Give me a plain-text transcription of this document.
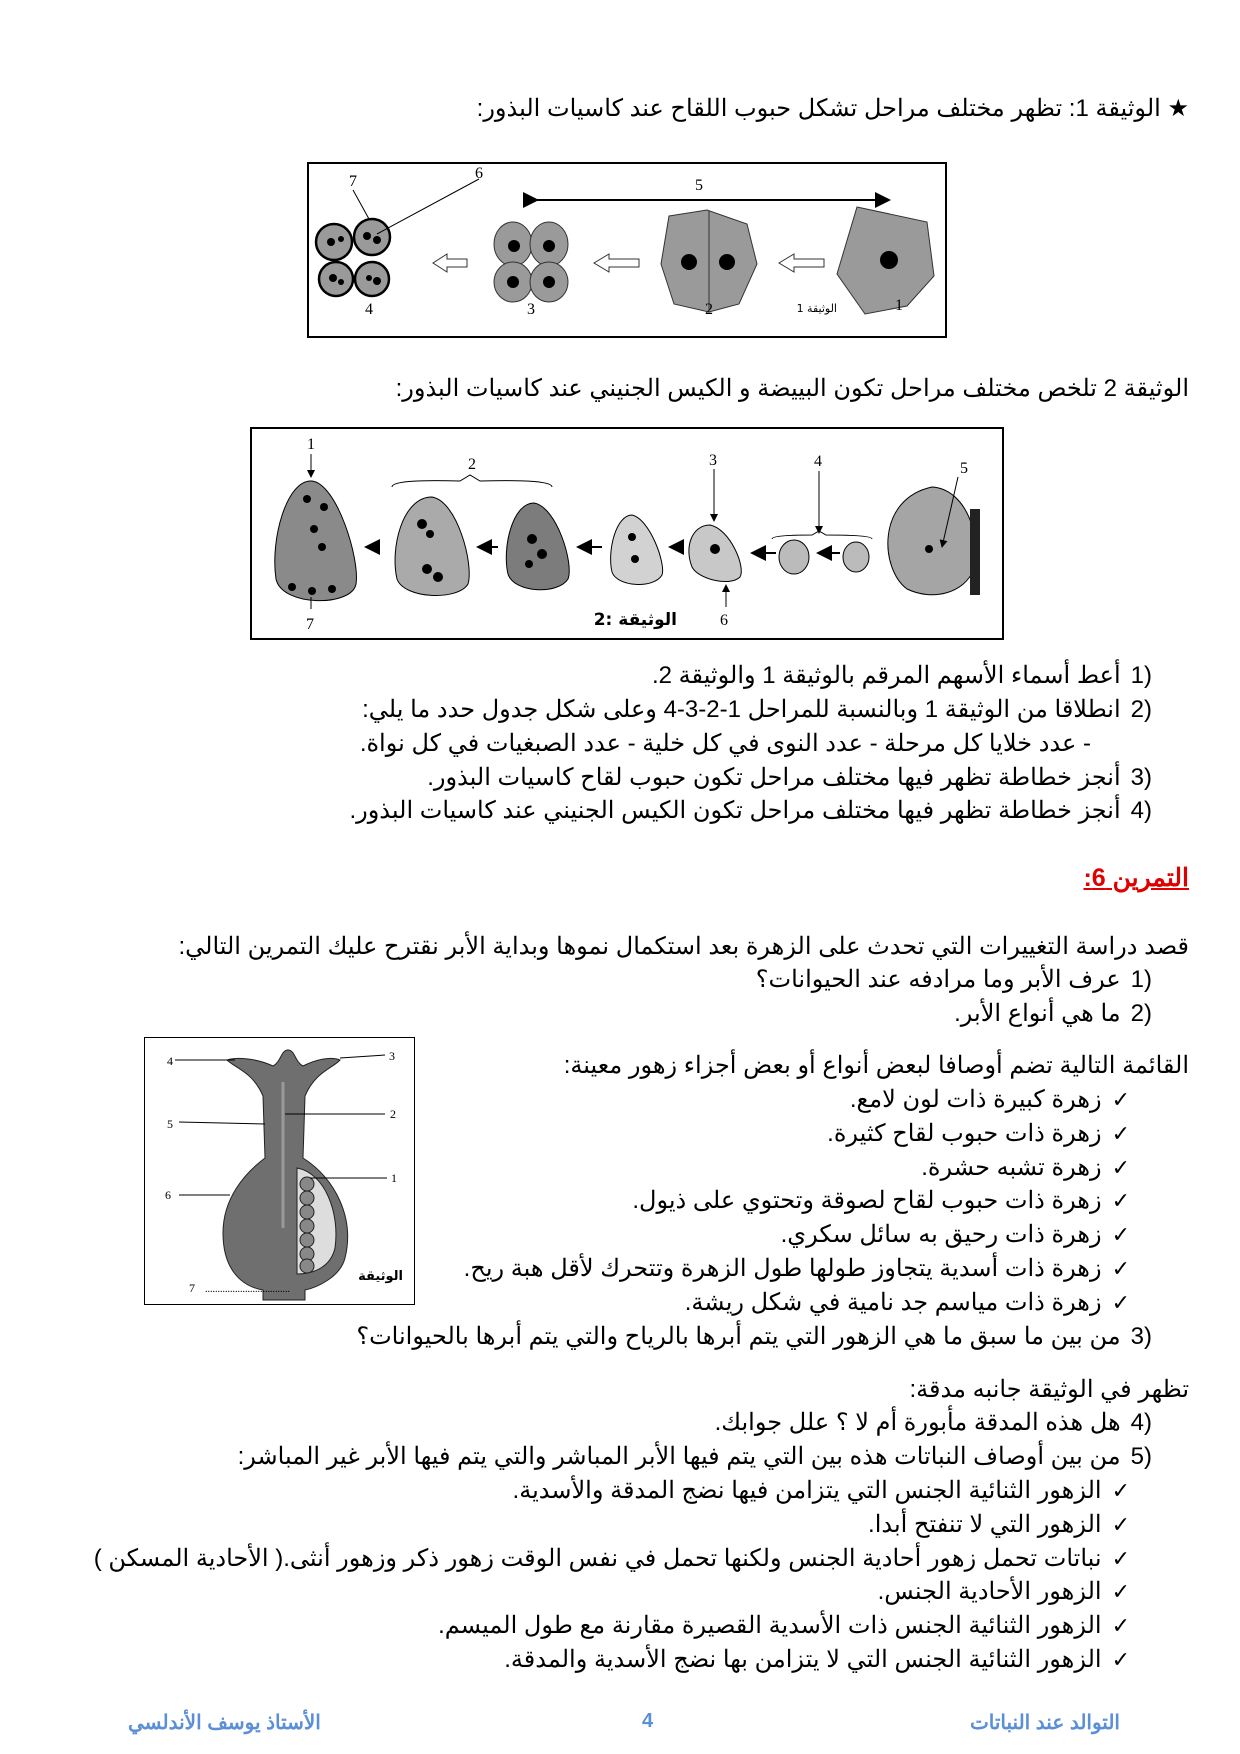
★ الوثيقة 1: تظهر مختلف مراحل تشكل حبوب اللقاح عند كاسيات البذور:
1
2
3
4
5
6
7
الوثيقة 1
الوثيقة 2 تلخص مختلف مراحل تكون البييضة و الكيس الجنيني عند كاسيات البذور:
1
2	3	4	5
6
7	الوثيقة :2
1)
أعط أسماء الأسهم المرقم بالوثيقة 1 والوثيقة 2.
2)
انطلاقا من الوثيقة 1 وبالنسبة للمراحل 1-2-3-4 وعلى شكل جدول حدد ما يلي:
- عدد خلايا كل مرحلة - عدد النوى في كل خلية - عدد الصبغيات في كل نواة.
3)
أنجز خطاطة تظهر فيها مختلف مراحل تكون حبوب لقاح كاسيات البذور.
4)
أنجز خطاطة تظهر فيها مختلف مراحل تكون الكيس الجنيني عند كاسيات البذور.
التمرين 6:
قصد دراسة التغييرات التي تحدث على الزهرة بعد استكمال نموها وبداية الأبر نقترح عليك التمرين التالي:
1)
عرف الأبر وما مرادفه عند الحيوانات؟
2)
ما هي أنواع الأبر.
4	3
2
5
1
6
7 ..................................
الوثيقة
القائمة التالية تضم أوصافا لبعض أنواع أو بعض أجزاء زهور معينة:
✓
زهرة كبيرة ذات لون لامع.
✓
زهرة ذات حبوب لقاح كثيرة.
✓
زهرة تشبه حشرة.
✓
زهرة ذات حبوب لقاح لصوقة وتحتوي على ذيول.
✓
زهرة ذات رحيق به سائل سكري.
✓
زهرة ذات أسدية يتجاوز طولها طول الزهرة وتتحرك لأقل هبة ريح.
✓
زهرة ذات مياسم جد نامية في شكل ريشة.
3)
من بين ما سبق ما هي الزهور التي يتم أبرها بالرياح والتي يتم أبرها بالحيوانات؟
تظهر في الوثيقة جانبه مدقة:
4)
هل هذه المدقة مأبورة أم لا ؟ علل جوابك.
5)
من بين أوصاف النباتات هذه بين التي يتم فيها الأبر المباشر والتي يتم فيها الأبر غير المباشر:
✓
الزهور الثنائية الجنس التي يتزامن فيها نضج المدقة والأسدية.
✓
الزهور التي لا تنفتح أبدا.
✓
نباتات تحمل زهور أحادية الجنس ولكنها تحمل في نفس الوقت زهور ذكر وزهور أنثى.( الأحادية المسكن )
✓
الزهور الأحادية الجنس.
✓
الزهور الثنائية الجنس ذات الأسدية القصيرة مقارنة مع طول الميسم.
✓
الزهور الثنائية الجنس التي لا يتزامن بها نضج الأسدية والمدقة.
التوالد عند النباتات
4
الأستاذ يوسف الأندلسي
